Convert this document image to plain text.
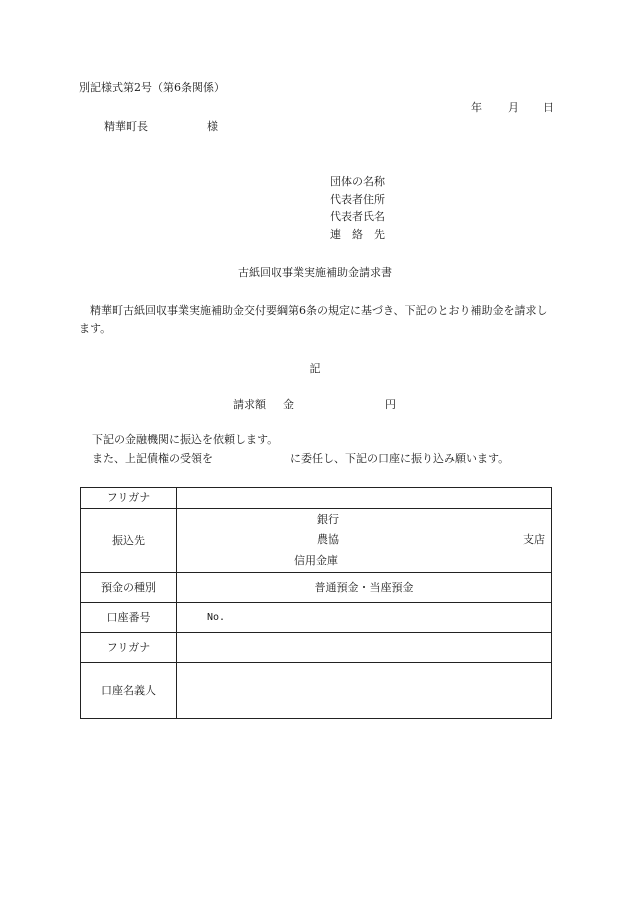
別記様式第2号（第6条関係）
年 月 日
精華町長	様
団体の名称
代表者住所
代表者氏名
連　絡　先
古紙回収事業実施補助金請求書
精華町古紙回収事業実施補助金交付要綱第6条の規定に基づき、下記のとおり補助金を請求します。
記
請求額 金	円
下記の金融機関に振込を依頼します。
また、上記債権の受領を	に委任し、下記の口座に振り込み願います。
フリガナ	
振込先	銀行
農協
信用金庫
支店

預金の種別	普通預金・当座預金
口座番号	No.
フリガナ	
口座名義人	
